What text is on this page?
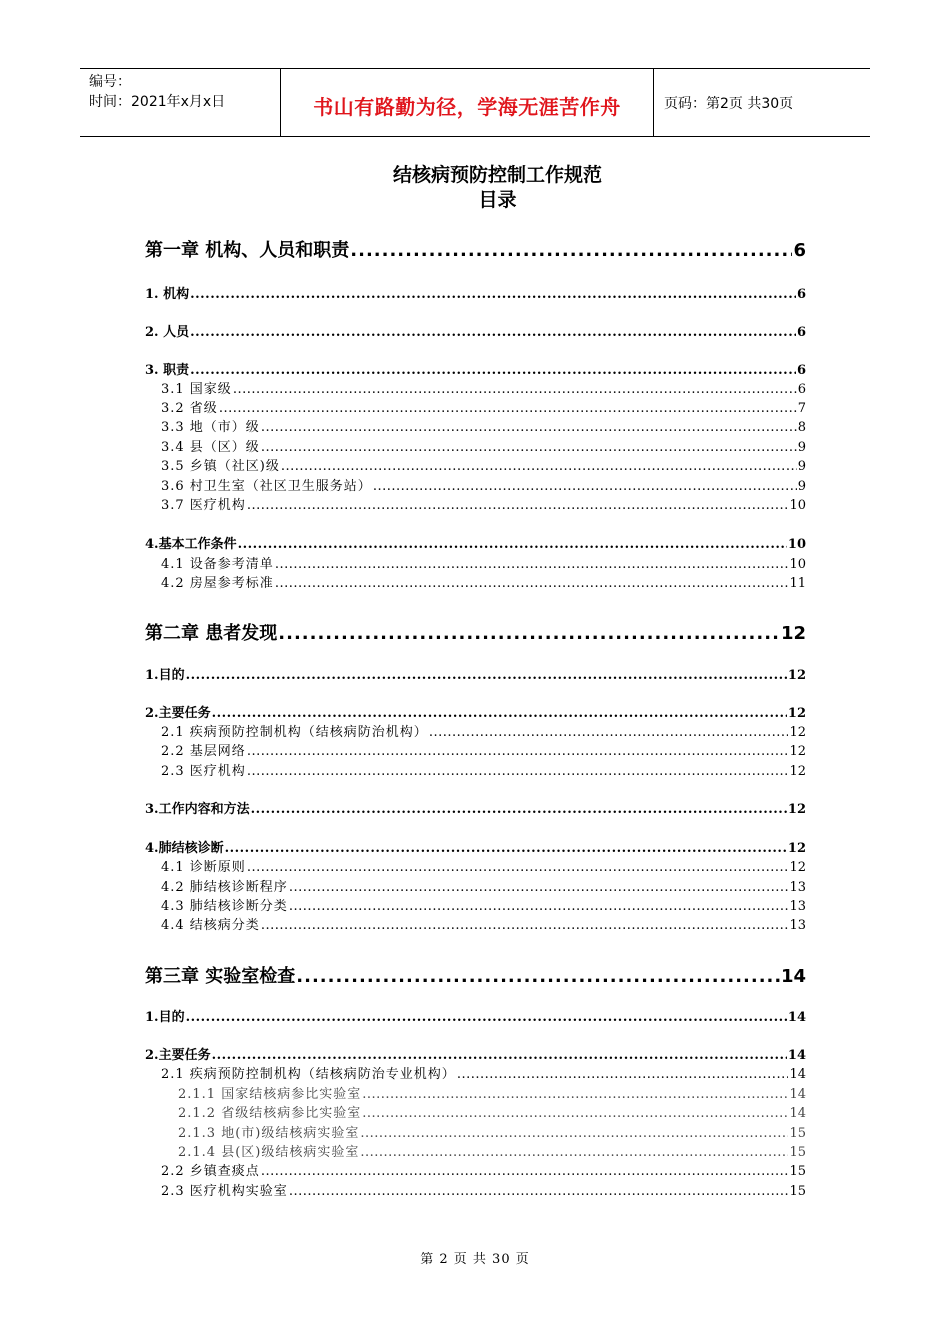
编号：
时间：2021年x月x日	书山有路勤为径，学海无涯苦作舟	页码：第2页 共30页
结核病预防控制工作规范
目录
第一章 机构、人员和职责 .....	6
1. 机构 .....	6
2. 人员 .....	6
3. 职责 .....	6
3.1 国家级 .....	6
3.2 省级 .....	7
3.3 地（市）级 .....	8
3.4 县（区）级 .....	9
3.5 乡镇（社区)级 .....	9
3.6 村卫生室（社区卫生服务站） .....	9
3.7 医疗机构 .....	10
4.基本工作条件 .....	10
4.1 设备参考清单 .....	10
4.2 房屋参考标准 .....	11
第二章 患者发现 .....	12
1.目的 .....	12
2.主要任务 .....	12
2.1 疾病预防控制机构（结核病防治机构） .....	12
2.2 基层网络 .....	12
2.3 医疗机构 .....	12
3.工作内容和方法 .....	12
4.肺结核诊断 .....	12
4.1 诊断原则 .....	12
4.2 肺结核诊断程序 .....	13
4.3 肺结核诊断分类 .....	13
4.4 结核病分类 .....	13
第三章 实验室检查 .....	14
1.目的 .....	14
2.主要任务 .....	14
2.1 疾病预防控制机构（结核病防治专业机构） .....	14
2.1.1 国家结核病参比实验室 .....	14
2.1.2 省级结核病参比实验室 .....	14
2.1.3 地(市)级结核病实验室 .....	15
2.1.4 县(区)级结核病实验室 .....	15
2.2 乡镇查痰点 .....	15
2.3 医疗机构实验室 .....	15
第 2 页 共 30 页
